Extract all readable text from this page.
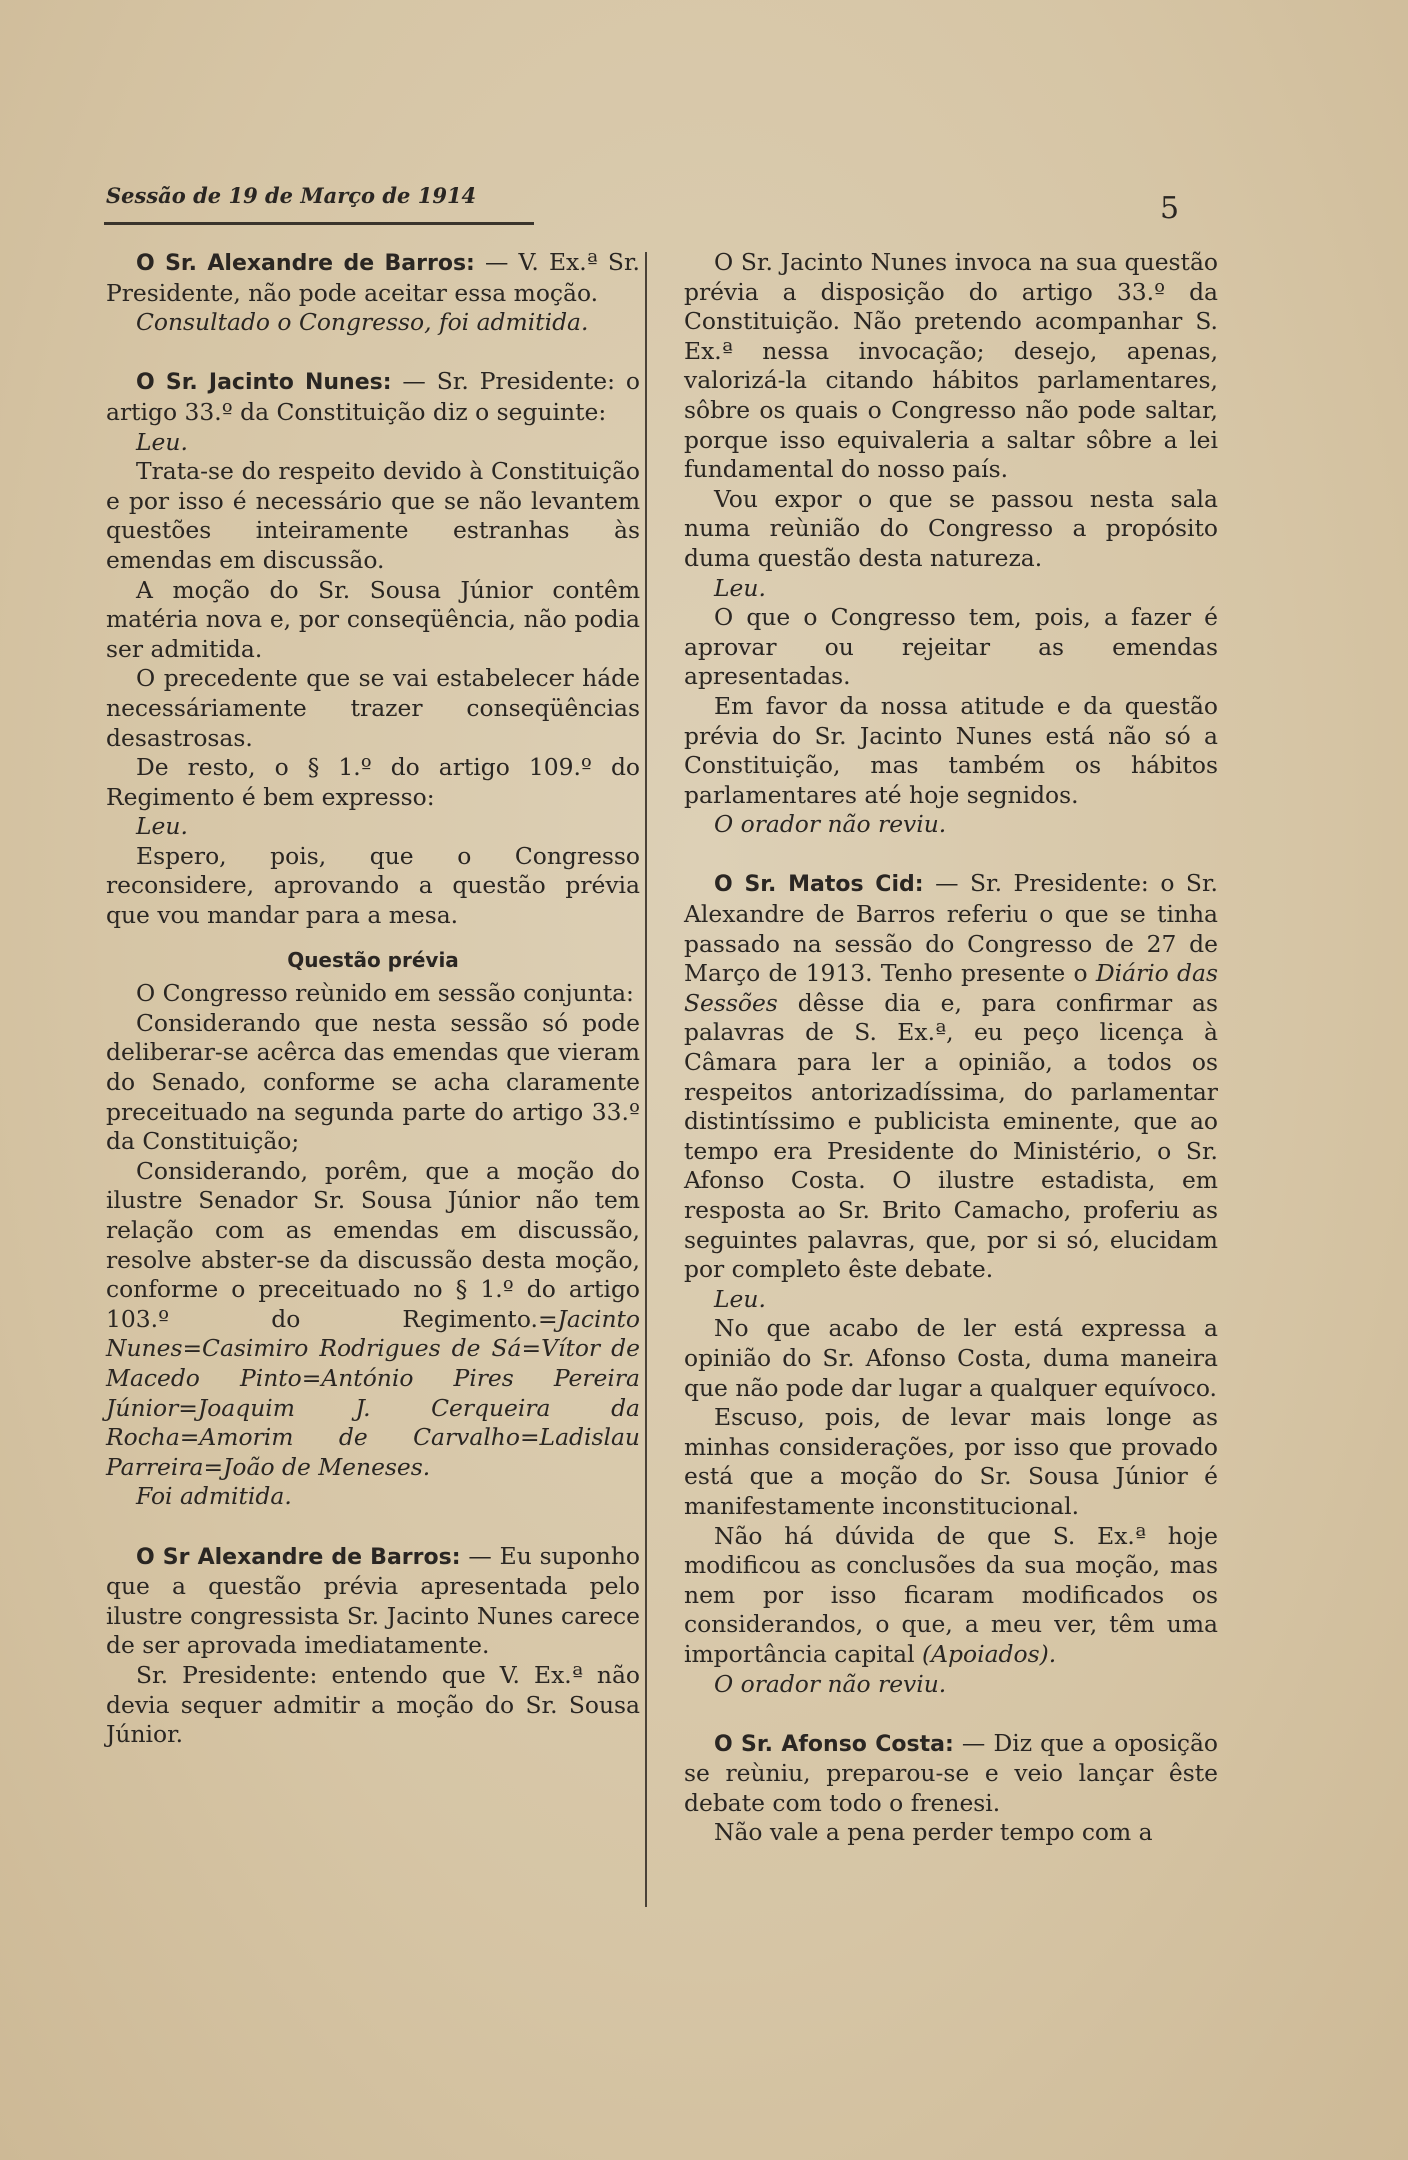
Sessão de 19 de Março de 1914	5

O Sr. Alexandre de Barros: — V. Ex.ª Sr. Presidente, não pode aceitar essa moção.

Consultado o Congresso, foi admitida.

O Sr. Jacinto Nunes: — Sr. Presidente: o artigo 33.º da Constituição diz o seguinte:

Leu.

Trata-se do respeito devido à Constituição e por isso é necessário que se não levantem questões inteiramente estranhas às emendas em discussão.

A moção do Sr. Sousa Júnior contêm matéria nova e, por conseqüência, não podia ser admitida.

O precedente que se vai estabelecer háde necessáriamente trazer conseqüências desastrosas.

De resto, o § 1.º do artigo 109.º do Regimento é bem expresso:

Leu.

Espero, pois, que o Congresso reconsidere, aprovando a questão prévia que vou mandar para a mesa.

Questão prévia

O Congresso reùnido em sessão conjunta:

Considerando que nesta sessão só pode deliberar-se acêrca das emendas que vieram do Senado, conforme se acha claramente preceituado na segunda parte do artigo 33.º da Constituição;

Considerando, porêm, que a moção do ilustre Senador Sr. Sousa Júnior não tem relação com as emendas em discussão, resolve abster-se da discussão desta moção, conforme o preceituado no § 1.º do artigo 103.º do Regimento.=Jacinto Nunes=Casimiro Rodrigues de Sá=Vítor de Macedo Pinto=António Pires Pereira Júnior=Joaquim J. Cerqueira da Rocha=Amorim de Carvalho=Ladislau Parreira=João de Meneses.

Foi admitida.

O Sr Alexandre de Barros: — Eu suponho que a questão prévia apresentada pelo ilustre congressista Sr. Jacinto Nunes carece de ser aprovada imediatamente.

Sr. Presidente: entendo que V. Ex.ª não devia sequer admitir a moção do Sr. Sousa Júnior.

O Sr. Jacinto Nunes invoca na sua questão prévia a disposição do artigo 33.º da Constituição. Não pretendo acompanhar S. Ex.ª nessa invocação; desejo, apenas, valorizá-la citando hábitos parlamentares, sôbre os quais o Congresso não pode saltar, porque isso equivaleria a saltar sôbre a lei fundamental do nosso país.

Vou expor o que se passou nesta sala numa reùnião do Congresso a propósito duma questão desta natureza.

Leu.

O que o Congresso tem, pois, a fazer é aprovar ou rejeitar as emendas apresentadas.

Em favor da nossa atitude e da questão prévia do Sr. Jacinto Nunes está não só a Constituição, mas também os hábitos parlamentares até hoje segnidos.

O orador não reviu.

O Sr. Matos Cid: — Sr. Presidente: o Sr. Alexandre de Barros referiu o que se tinha passado na sessão do Congresso de 27 de Março de 1913. Tenho presente o Diário das Sessões dêsse dia e, para confirmar as palavras de S. Ex.ª, eu peço licença à Câmara para ler a opinião, a todos os respeitos antorizadíssima, do parlamentar distintíssimo e publicista eminente, que ao tempo era Presidente do Ministério, o Sr. Afonso Costa. O ilustre estadista, em resposta ao Sr. Brito Camacho, proferiu as seguintes palavras, que, por si só, elucidam por completo êste debate.

Leu.

No que acabo de ler está expressa a opinião do Sr. Afonso Costa, duma maneira que não pode dar lugar a qualquer equívoco.

Escuso, pois, de levar mais longe as minhas considerações, por isso que provado está que a moção do Sr. Sousa Júnior é manifestamente inconstitucional.

Não há dúvida de que S. Ex.ª hoje modificou as conclusões da sua moção, mas nem por isso ficaram modificados os considerandos, o que, a meu ver, têm uma importância capital (Apoiados).

O orador não reviu.

O Sr. Afonso Costa: — Diz que a oposição se reùniu, preparou-se e veio lançar êste debate com todo o frenesi.

Não vale a pena perder tempo com a
